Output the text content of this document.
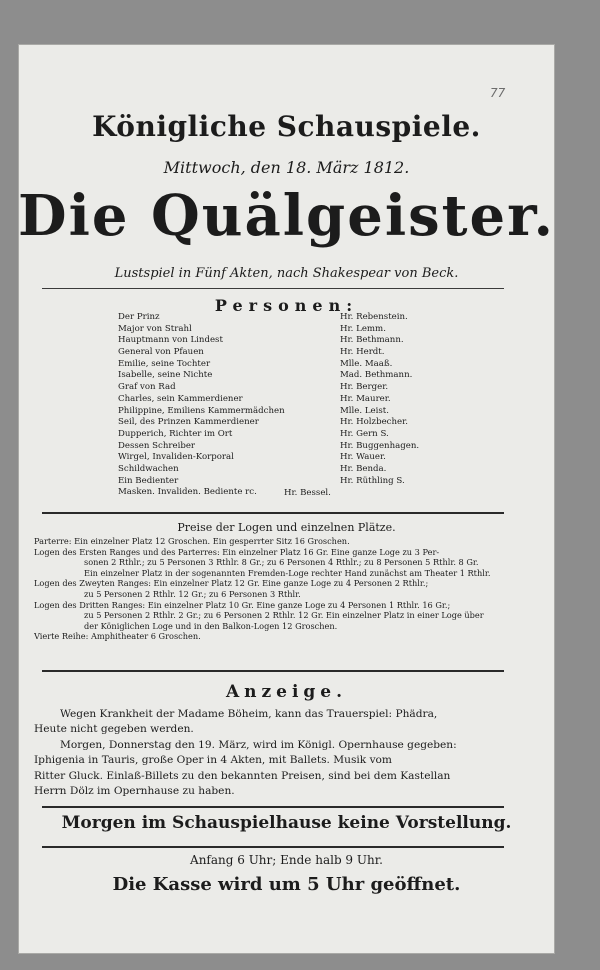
77
Königliche Schauspiele.
Mittwoch, den 18. März 1812.
Die Quälgeister.
Lustspiel in Fünf Akten, nach Shakespear von Beck.
Personen:
Der Prinz
Major von Strahl
Hauptmann von Lindest
General von Pfauen
Emilie, seine Tochter
Isabelle, seine Nichte
Graf von Rad
Charles, sein Kammerdiener
Philippine, Emiliens Kammermädchen
Seil, des Prinzen Kammerdiener
Dupperich, Richter im Ort
Dessen Schreiber
Wirgel, Invaliden-Korporal
Schildwachen
Ein Bedienter
Masken. Invaliden. Bediente rc.
Hr. Rebenstein.
Hr. Lemm.
Hr. Bethmann.
Hr. Herdt.
Mlle. Maaß.
Mad. Bethmann.
Hr. Berger.
Hr. Maurer.
Mlle. Leist.
Hr. Holzbecher.
Hr. Gern S.
Hr. Buggenhagen.
Hr. Wauer.
Hr. Benda.
Hr. Rüthling S.
Hr. Bessel.
Preise der Logen und einzelnen Plätze.
Parterre: Ein einzelner Platz 12 Groschen. Ein gesperrter Sitz 16 Groschen.
Logen des Ersten Ranges und des Parterres: Ein einzelner Platz 16 Gr. Eine ganze Loge zu 3 Per-
sonen 2 Rthlr.; zu 5 Personen 3 Rthlr. 8 Gr.; zu 6 Personen 4 Rthlr.; zu 8 Personen 5 Rthlr. 8 Gr.
Ein einzelner Platz in der sogenannten Fremden-Loge rechter Hand zunächst am Theater 1 Rthlr.
Logen des Zweyten Ranges: Ein einzelner Platz 12 Gr. Eine ganze Loge zu 4 Personen 2 Rthlr.;
zu 5 Personen 2 Rthlr. 12 Gr.; zu 6 Personen 3 Rthlr.
Logen des Dritten Ranges: Ein einzelner Platz 10 Gr. Eine ganze Loge zu 4 Personen 1 Rthlr. 16 Gr.;
zu 5 Personen 2 Rthlr. 2 Gr.; zu 6 Personen 2 Rthlr. 12 Gr. Ein einzelner Platz in einer Loge über
der Königlichen Loge und in den Balkon-Logen 12 Groschen.
Vierte Reihe: Amphitheater 6 Groschen.
Anzeige.
Wegen Krankheit der Madame Böheim, kann das Trauerspiel: Phädra,
Heute nicht gegeben werden.
Morgen, Donnerstag den 19. März, wird im Königl. Opernhause gegeben:
Iphigenia in Tauris, große Oper in 4 Akten, mit Ballets. Musik vom
Ritter Gluck. Einlaß-Billets zu den bekannten Preisen, sind bei dem Kastellan
Herrn Dölz im Opernhause zu haben.
Morgen im Schauspielhause keine Vorstellung.
Anfang 6 Uhr; Ende halb 9 Uhr.
Die Kasse wird um 5 Uhr geöffnet.
